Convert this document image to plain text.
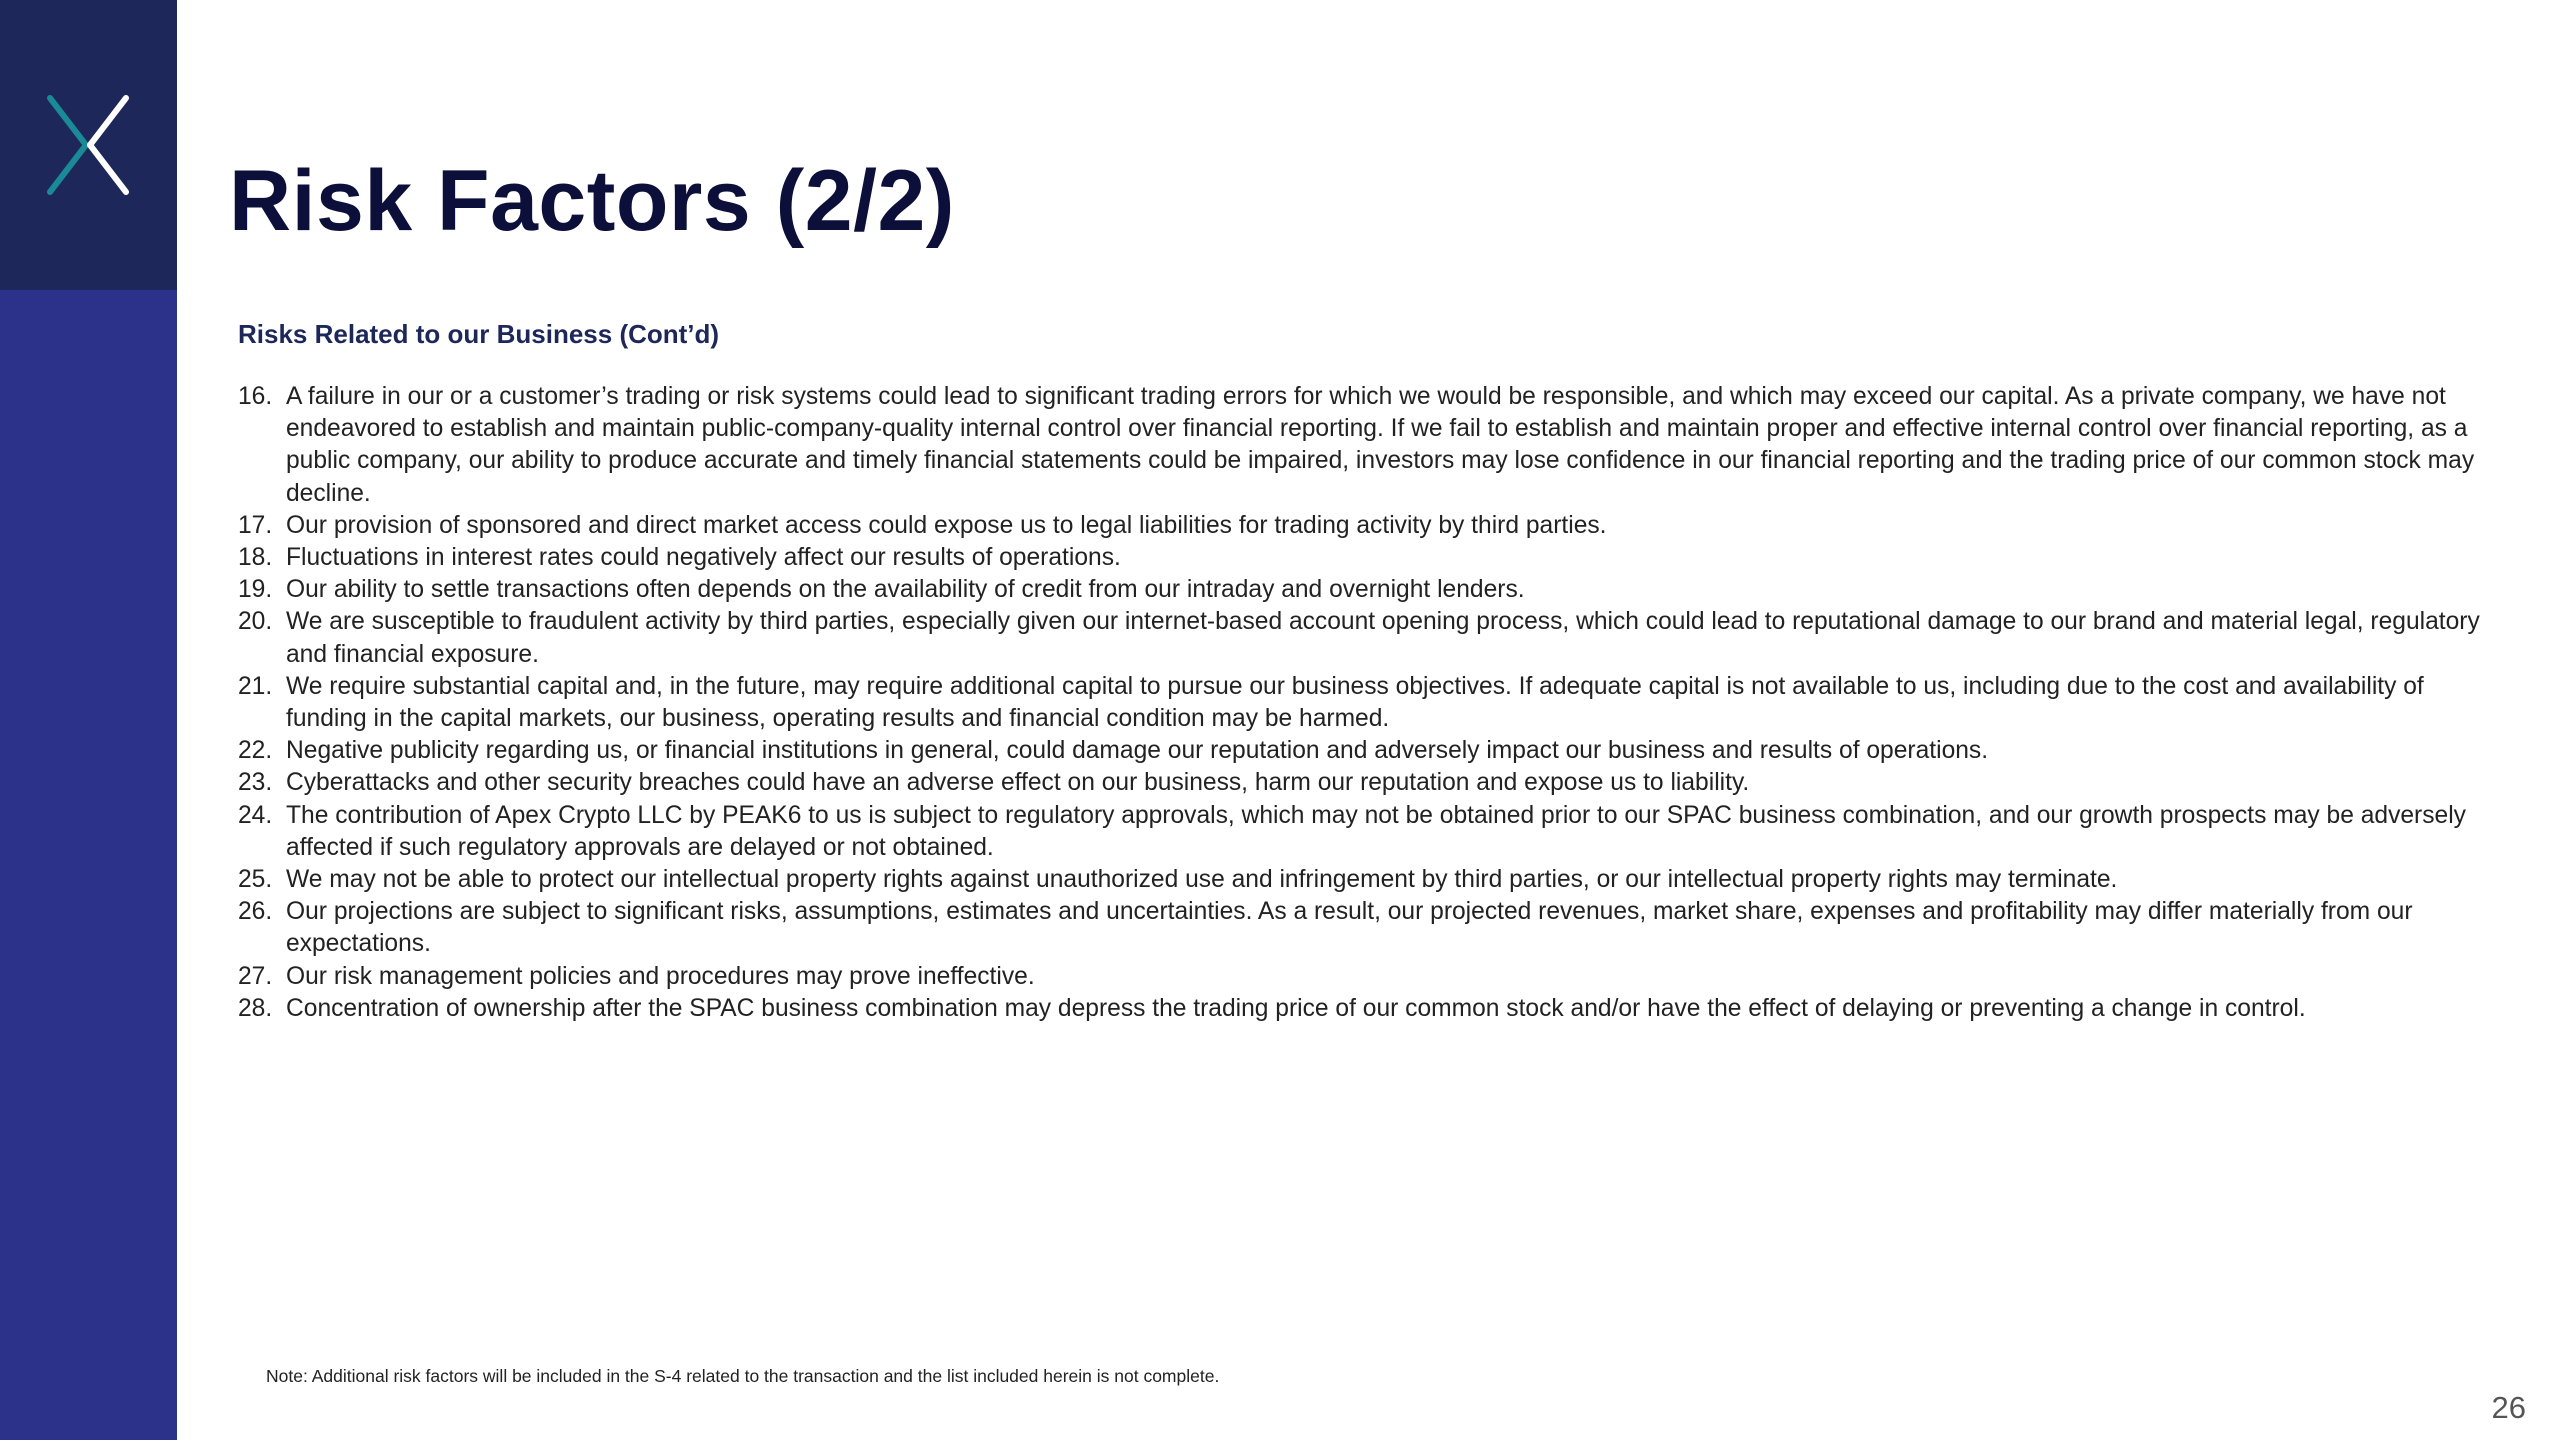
Risk Factors (2/2)
Risks Related to our Business (Cont’d)
16. A failure in our or a customer’s trading or risk systems could lead to significant trading errors for which we would be responsible, and which may exceed our capital. As a private company, we have not endeavored to establish and maintain public-company-quality internal control over financial reporting. If we fail to establish and maintain proper and effective internal control over financial reporting, as a public company, our ability to produce accurate and timely financial statements could be impaired, investors may lose confidence in our financial reporting and the trading price of our common stock may decline.
17. Our provision of sponsored and direct market access could expose us to legal liabilities for trading activity by third parties.
18. Fluctuations in interest rates could negatively affect our results of operations.
19. Our ability to settle transactions often depends on the availability of credit from our intraday and overnight lenders.
20. We are susceptible to fraudulent activity by third parties, especially given our internet-based account opening process, which could lead to reputational damage to our brand and material legal, regulatory and financial exposure.
21. We require substantial capital and, in the future, may require additional capital to pursue our business objectives. If adequate capital is not available to us, including due to the cost and availability of funding in the capital markets, our business, operating results and financial condition may be harmed.
22. Negative publicity regarding us, or financial institutions in general, could damage our reputation and adversely impact our business and results of operations.
23. Cyberattacks and other security breaches could have an adverse effect on our business, harm our reputation and expose us to liability.
24. The contribution of Apex Crypto LLC by PEAK6 to us is subject to regulatory approvals, which may not be obtained prior to our SPAC business combination, and our growth prospects may be adversely affected if such regulatory approvals are delayed or not obtained.
25. We may not be able to protect our intellectual property rights against unauthorized use and infringement by third parties, or our intellectual property rights may terminate.
26. Our projections are subject to significant risks, assumptions, estimates and uncertainties. As a result, our projected revenues, market share, expenses and profitability may differ materially from our expectations.
27. Our risk management policies and procedures may prove ineffective.
28. Concentration of ownership after the SPAC business combination may depress the trading price of our common stock and/or have the effect of delaying or preventing a change in control.
Note: Additional risk factors will be included in the S-4 related to the transaction and the list included herein is not complete.
26
